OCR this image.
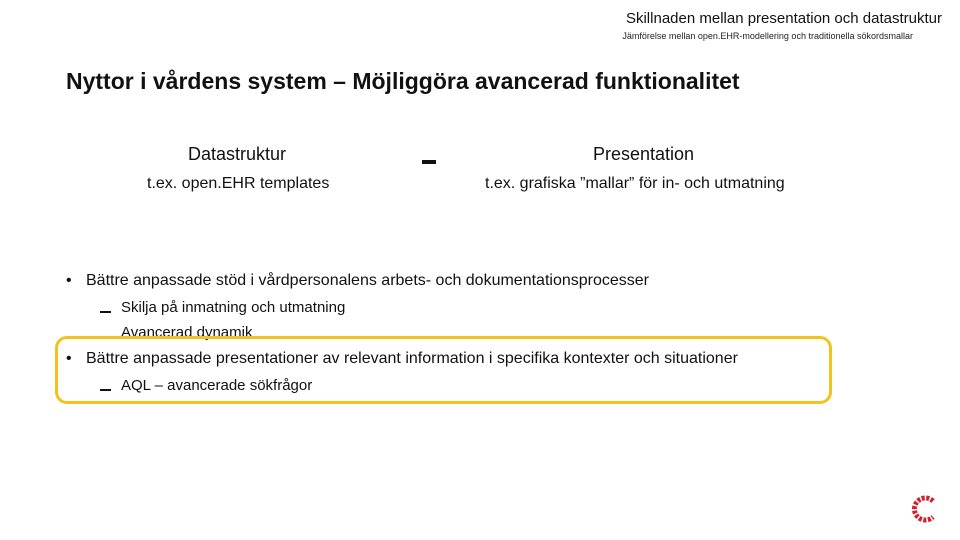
Skillnaden mellan presentation och datastruktur
Jämförelse mellan open.EHR-modellering och traditionella sökordsmallar
Nyttor i vårdens system – Möjliggöra avancerad funktionalitet
Datastruktur
t.ex. open.EHR templates
Presentation
t.ex. grafiska ”mallar” för in- och utmatning
• Bättre anpassade stöd i vårdpersonalens arbets- och dokumentationsprocesser
Skilja på inmatning och utmatning
Avancerad dynamik
• Bättre anpassade presentationer av relevant information i specifika kontexter och situationer
AQL – avancerade sökfrågor
